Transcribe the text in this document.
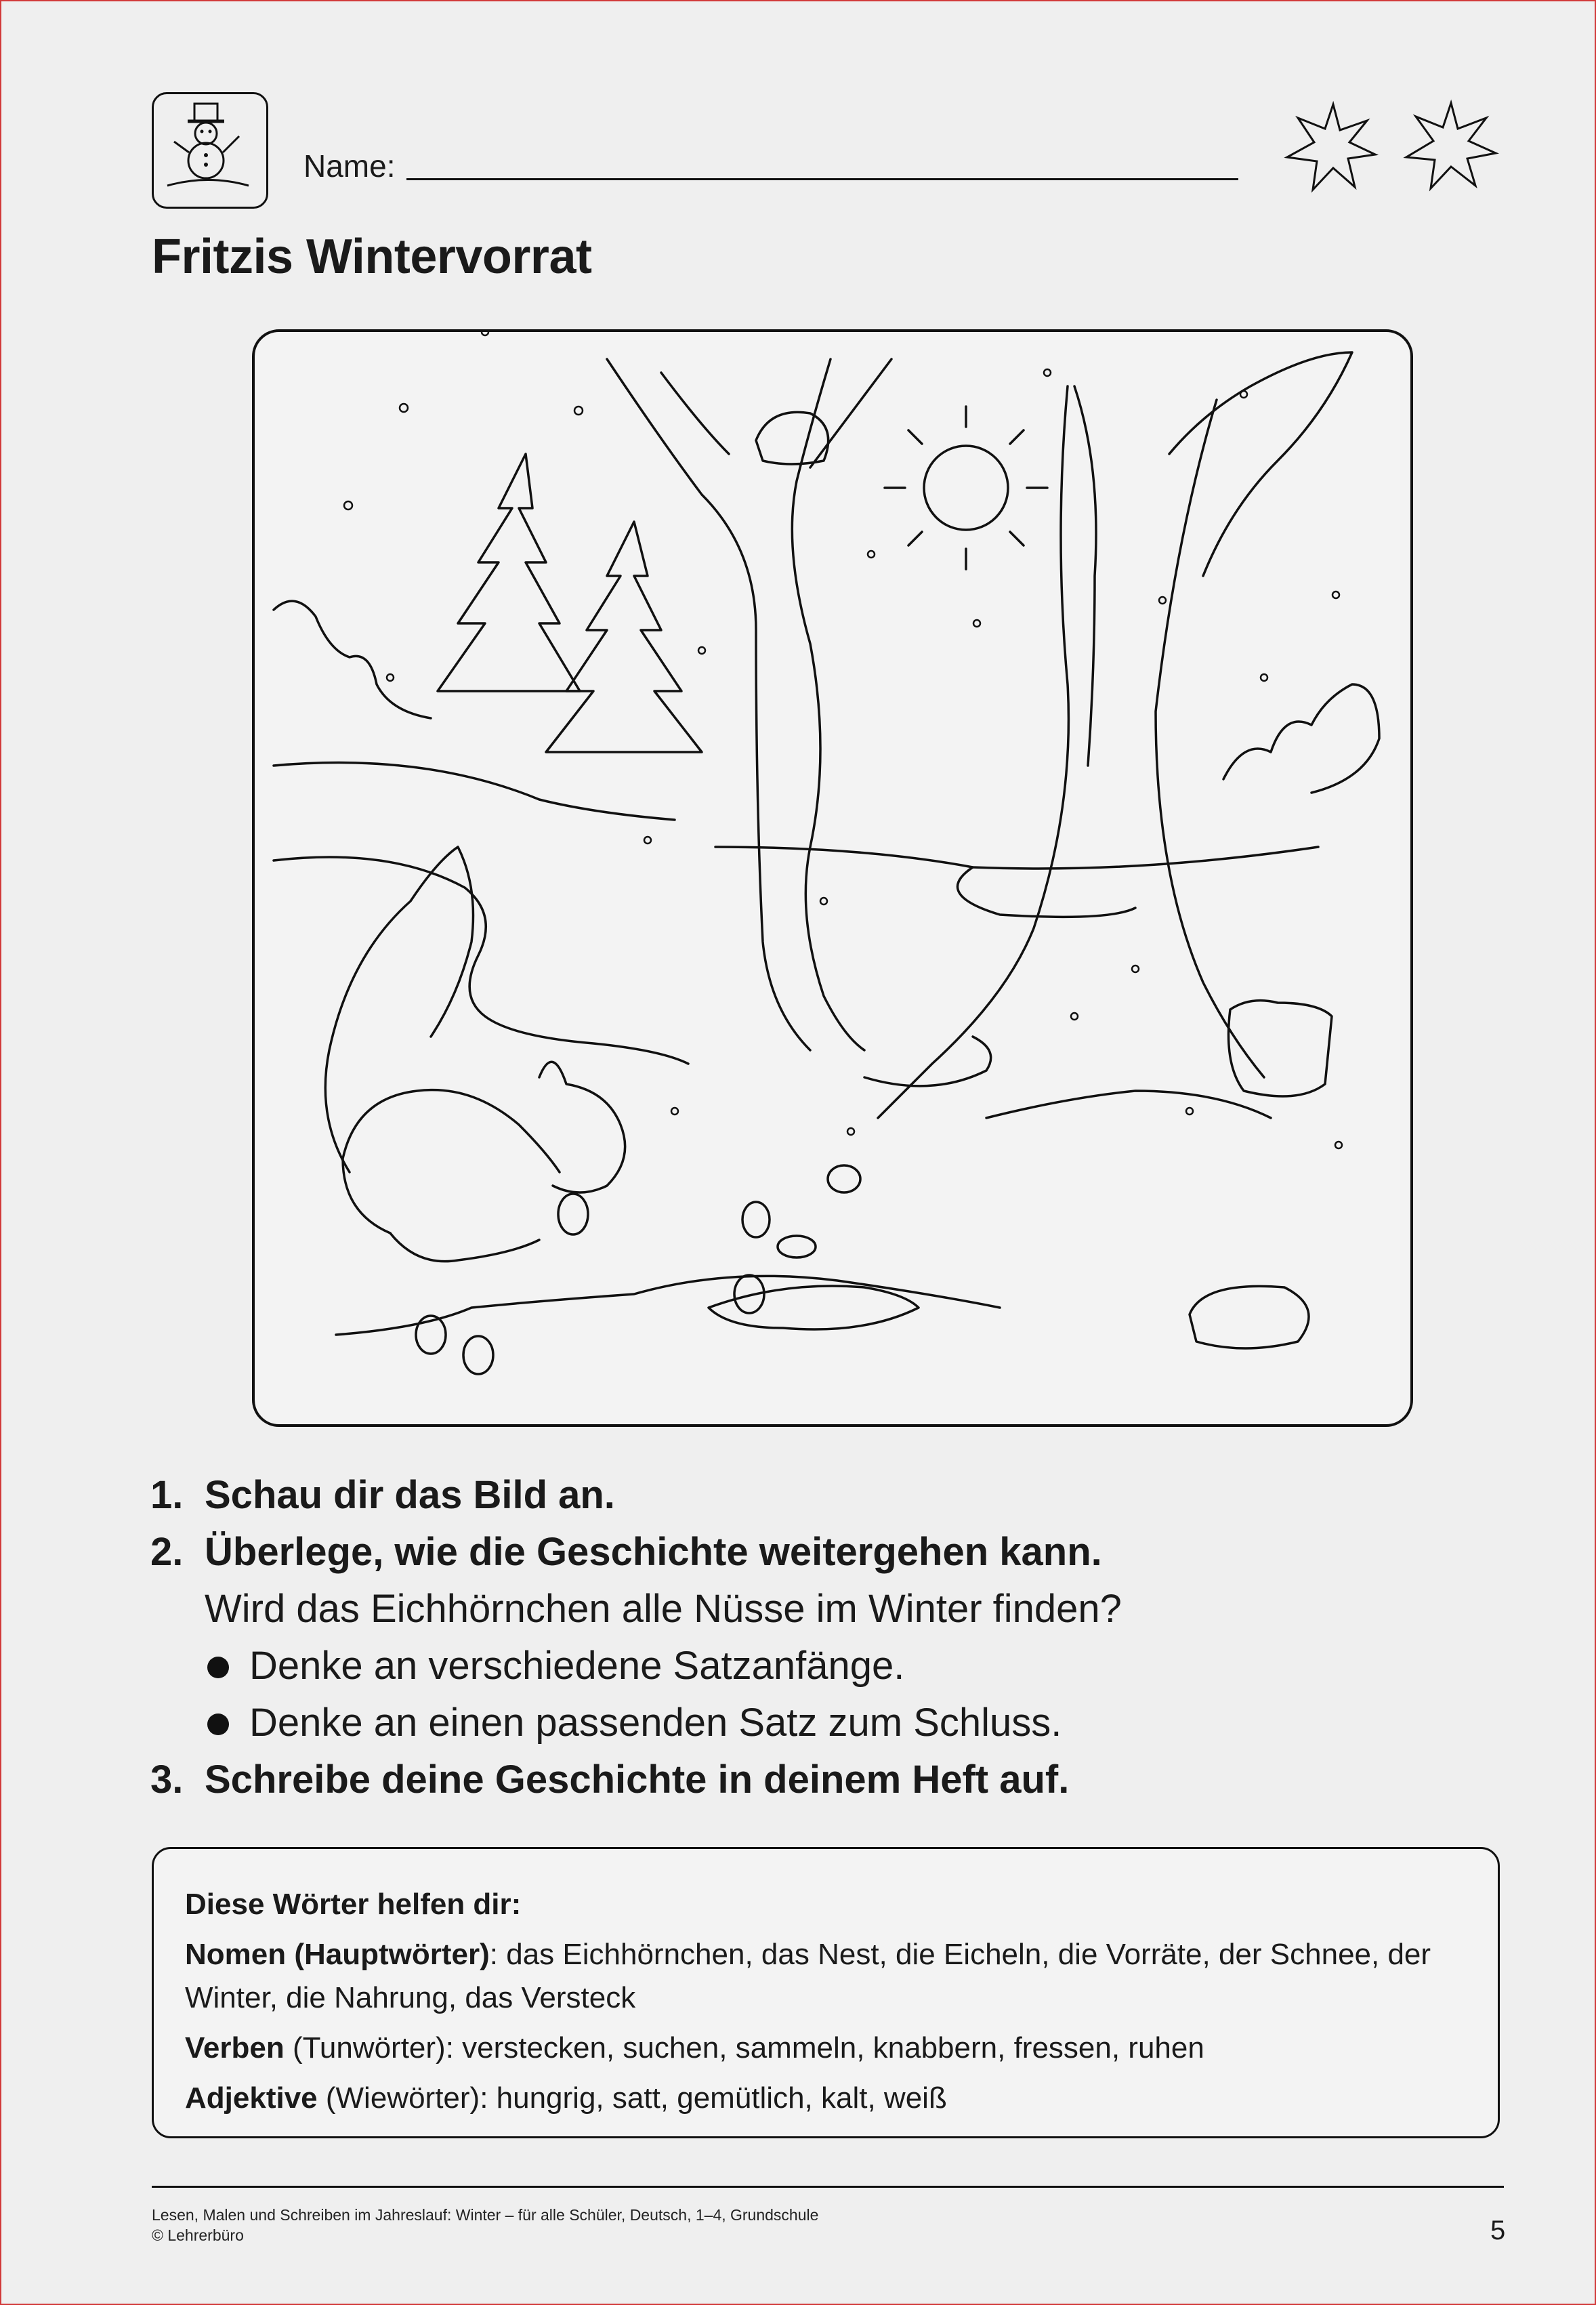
Name:
Fritzis Wintervorrat
1. Schau dir das Bild an.
2. Überlege, wie die Geschichte weitergehen kann.
Wird das Eichhörnchen alle Nüsse im Winter finden?
Denke an verschiedene Satzanfänge.
Denke an einen passenden Satz zum Schluss.
3. Schreibe deine Geschichte in deinem Heft auf.
Diese Wörter helfen dir:

Nomen (Hauptwörter): das Eichhörnchen, das Nest, die Eicheln, die Vorräte, der Schnee, der Winter, die Nahrung, das Versteck

Verben (Tunwörter): verstecken, suchen, sammeln, knabbern, fressen, ruhen

Adjektive (Wiewörter): hungrig, satt, gemütlich, kalt, weiß

Lesen, Malen und Schreiben im Jahreslauf: Winter – für alle Schüler, Deutsch, 1–4, Grundschule
© Lehrerbüro	5
